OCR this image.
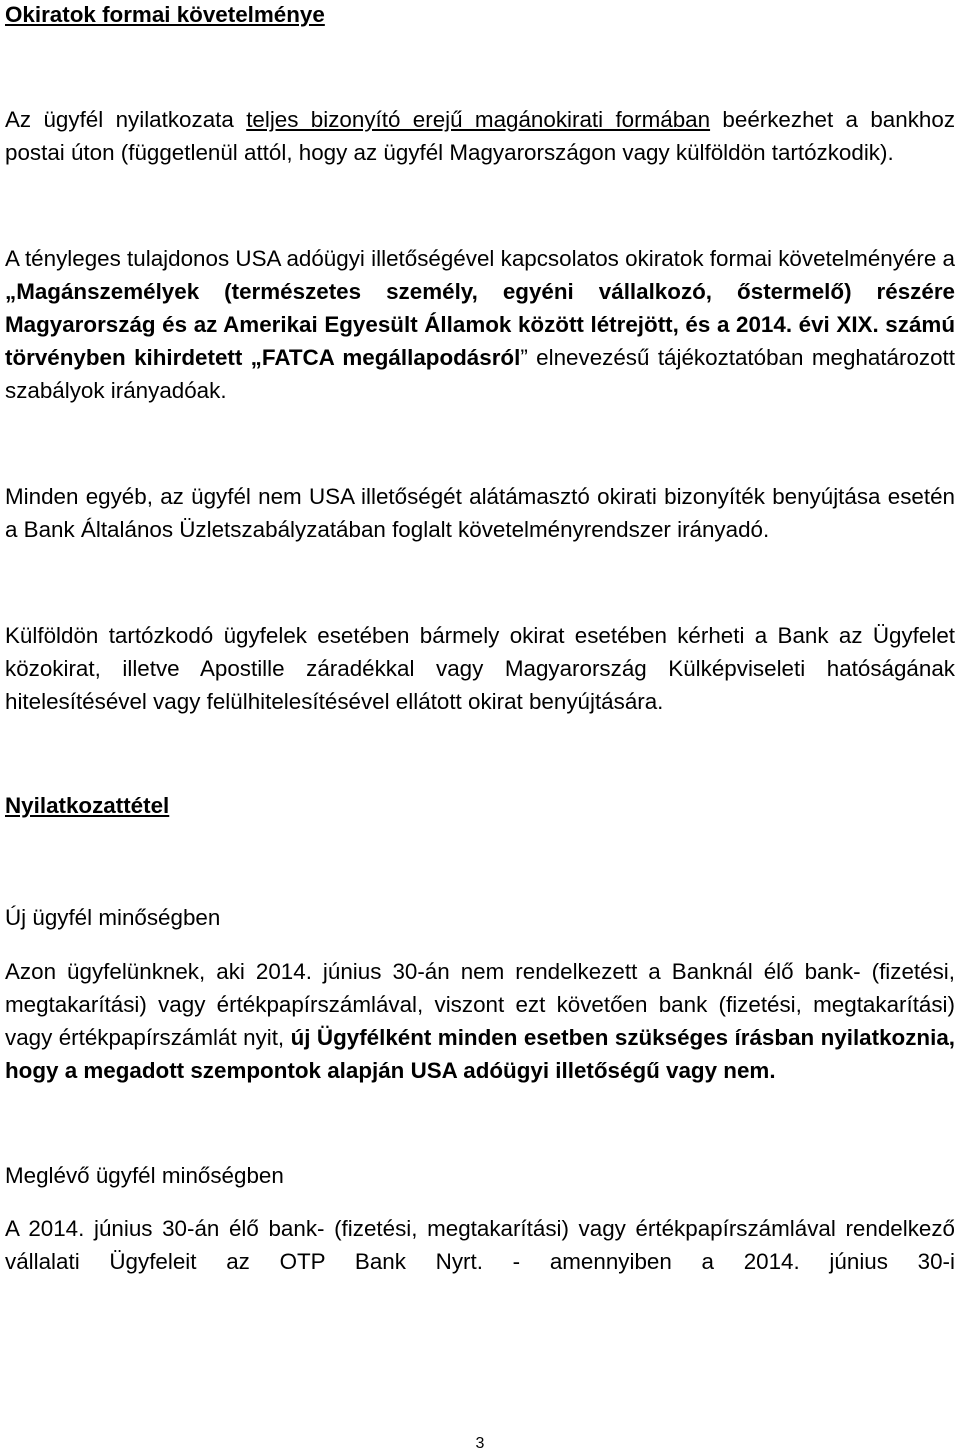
Okiratok formai követelménye

Az ügyfél nyilatkozata teljes bizonyító erejű magánokirati formában beérkezhet a bankhoz postai úton (függetlenül attól, hogy az ügyfél Magyarországon vagy külföldön tartózkodik).

A tényleges tulajdonos USA adóügyi illetőségével kapcsolatos okiratok formai követelményére a „Magánszemélyek (természetes személy, egyéni vállalkozó, őstermelő) részére Magyarország és az Amerikai Egyesült Államok között létrejött, és a 2014. évi XIX. számú törvényben kihirdetett „FATCA megállapodásról” elnevezésű tájékoztatóban meghatározott szabályok irányadóak.

Minden egyéb, az ügyfél nem USA illetőségét alátámasztó okirati bizonyíték benyújtása esetén a Bank Általános Üzletszabályzatában foglalt követelményrendszer irányadó.

Külföldön tartózkodó ügyfelek esetében bármely okirat esetében kérheti a Bank az Ügyfelet közokirat, illetve Apostille záradékkal vagy Magyarország Külképviseleti hatóságának hitelesítésével vagy felülhitelesítésével ellátott okirat benyújtására.

Nyilatkozattétel
Új ügyfél minőségben

Azon ügyfelünknek, aki 2014. június 30-án nem rendelkezett a Banknál élő bank- (fizetési, megtakarítási) vagy értékpapírszámlával, viszont ezt követően bank (fizetési, megtakarítási) vagy értékpapírszámlát nyit, új Ügyfélként minden esetben szükséges írásban nyilatkoznia, hogy a megadott szempontok alapján USA adóügyi illetőségű vagy nem.

Meglévő ügyfél minőségben

A 2014. június 30-án élő bank- (fizetési, megtakarítási) vagy értékpapírszámlával rendelkező vállalati Ügyfeleit az OTP Bank Nyrt. - amennyiben a 2014. június 30-i

3
